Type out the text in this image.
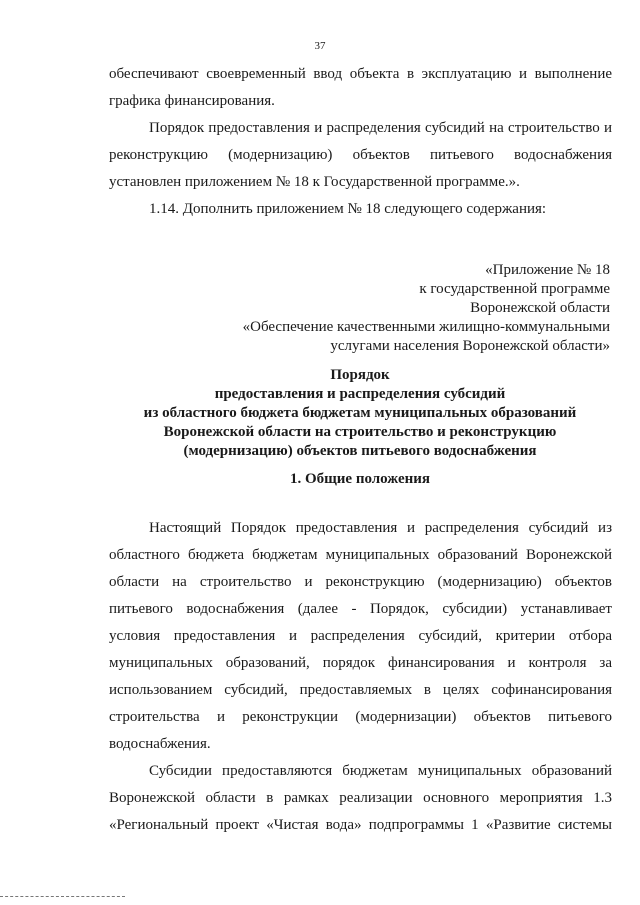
37

обеспечивают своевременный ввод объекта в эксплуатацию и выполнение

графика финансирования.

Порядок предоставления и распределения субсидий на строительство и

реконструкцию (модернизацию) объектов питьевого водоснабжения

установлен приложением № 18 к Государственной программе.».

1.14. Дополнить приложением № 18 следующего содержания:

«Приложение № 18
к государственной программе
Воронежской области
«Обеспечение качественными жилищно-коммунальными
услугами населения Воронежской области»
Порядок
предоставления и распределения субсидий
из областного бюджета бюджетам муниципальных образований
Воронежской области на строительство и реконструкцию
(модернизацию) объектов питьевого водоснабжения
1. Общие положения

Настоящий Порядок предоставления и распределения субсидий из

областного бюджета бюджетам муниципальных образований Воронежской

области на строительство и реконструкцию (модернизацию) объектов

питьевого водоснабжения (далее - Порядок, субсидии) устанавливает

условия предоставления и распределения субсидий, критерии отбора

муниципальных образований, порядок финансирования и контроля за

использованием субсидий, предоставляемых в целях софинансирования

строительства и реконструкции (модернизации) объектов питьевого

водоснабжения.

Субсидии предоставляются бюджетам муниципальных образований

Воронежской области в рамках реализации основного мероприятия 1.3

«Региональный проект «Чистая вода» подпрограммы 1 «Развитие системы
